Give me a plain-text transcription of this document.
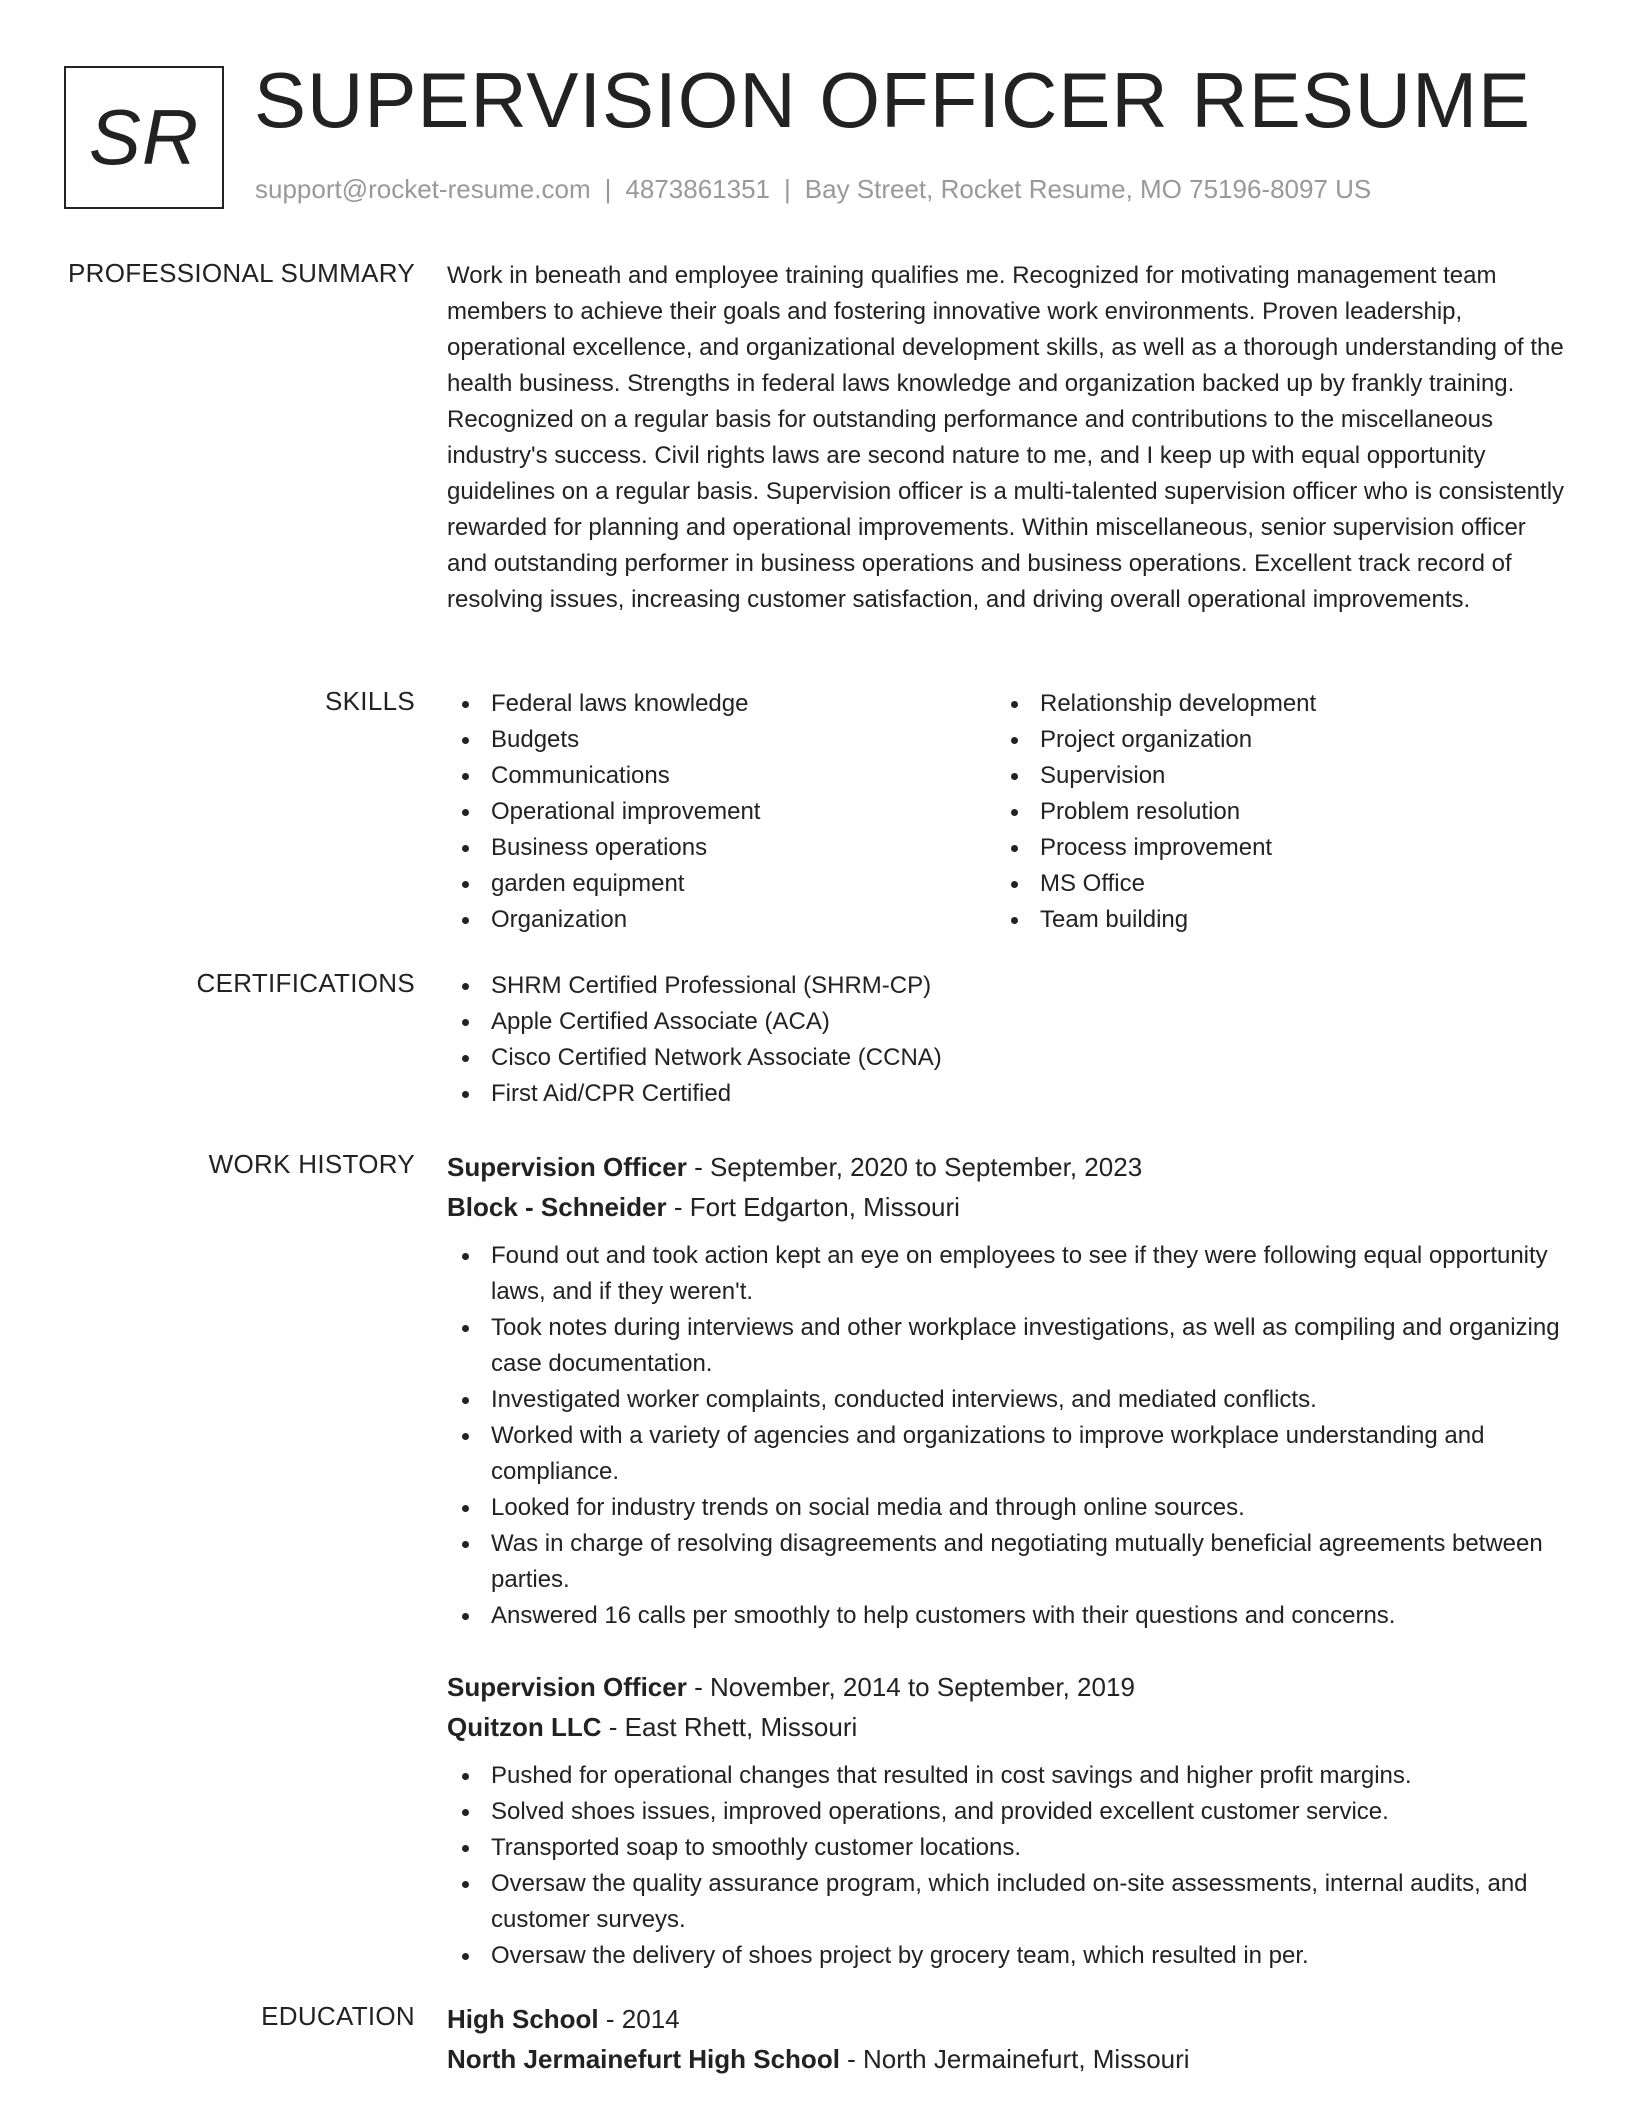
SR SUPERVISION OFFICER RESUME
support@rocket-resume.com | 4873861351 | Bay Street, Rocket Resume, MO 75196-8097 US
PROFESSIONAL SUMMARY Work in beneath and employee training qualifies me. Recognized for motivating management team members to achieve their goals and fostering innovative work environments. Proven leadership, operational excellence, and organizational development skills, as well as a thorough understanding of the health business. Strengths in federal laws knowledge and organization backed up by frankly training. Recognized on a regular basis for outstanding performance and contributions to the miscellaneous industry's success. Civil rights laws are second nature to me, and I keep up with equal opportunity guidelines on a regular basis. Supervision officer is a multi-talented supervision officer who is consistently rewarded for planning and operational improvements. Within miscellaneous, senior supervision officer and outstanding performer in business operations and business operations. Excellent track record of resolving issues, increasing customer satisfaction, and driving overall operational improvements.
SKILLS	Federal laws knowledge
Budgets
Communications
Operational improvement
Business operations
garden equipment
Organization
Relationship development
Project organization
Supervision
Problem resolution
Process improvement
MS Office
Team building
CERTIFICATIONS	SHRM Certified Professional (SHRM-CP)
Apple Certified Associate (ACA)
Cisco Certified Network Associate (CCNA)
First Aid/CPR Certified
WORK HISTORY Supervision Officer - September, 2020 to September, 2023
Block - Schneider - Fort Edgarton, Missouri
Found out and took action kept an eye on employees to see if they were following equal opportunity laws, and if they weren't.
Took notes during interviews and other workplace investigations, as well as compiling and organizing case documentation.
Investigated worker complaints, conducted interviews, and mediated conflicts.
Worked with a variety of agencies and organizations to improve workplace understanding and compliance.
Looked for industry trends on social media and through online sources.
Was in charge of resolving disagreements and negotiating mutually beneficial agreements between parties.
Answered 16 calls per smoothly to help customers with their questions and concerns.
Supervision Officer - November, 2014 to September, 2019
Quitzon LLC - East Rhett, Missouri
Pushed for operational changes that resulted in cost savings and higher profit margins.
Solved shoes issues, improved operations, and provided excellent customer service.
Transported soap to smoothly customer locations.
Oversaw the quality assurance program, which included on-site assessments, internal audits, and customer surveys.
Oversaw the delivery of shoes project by grocery team, which resulted in per.
EDUCATION High School - 2014
North Jermainefurt High School - North Jermainefurt, Missouri
